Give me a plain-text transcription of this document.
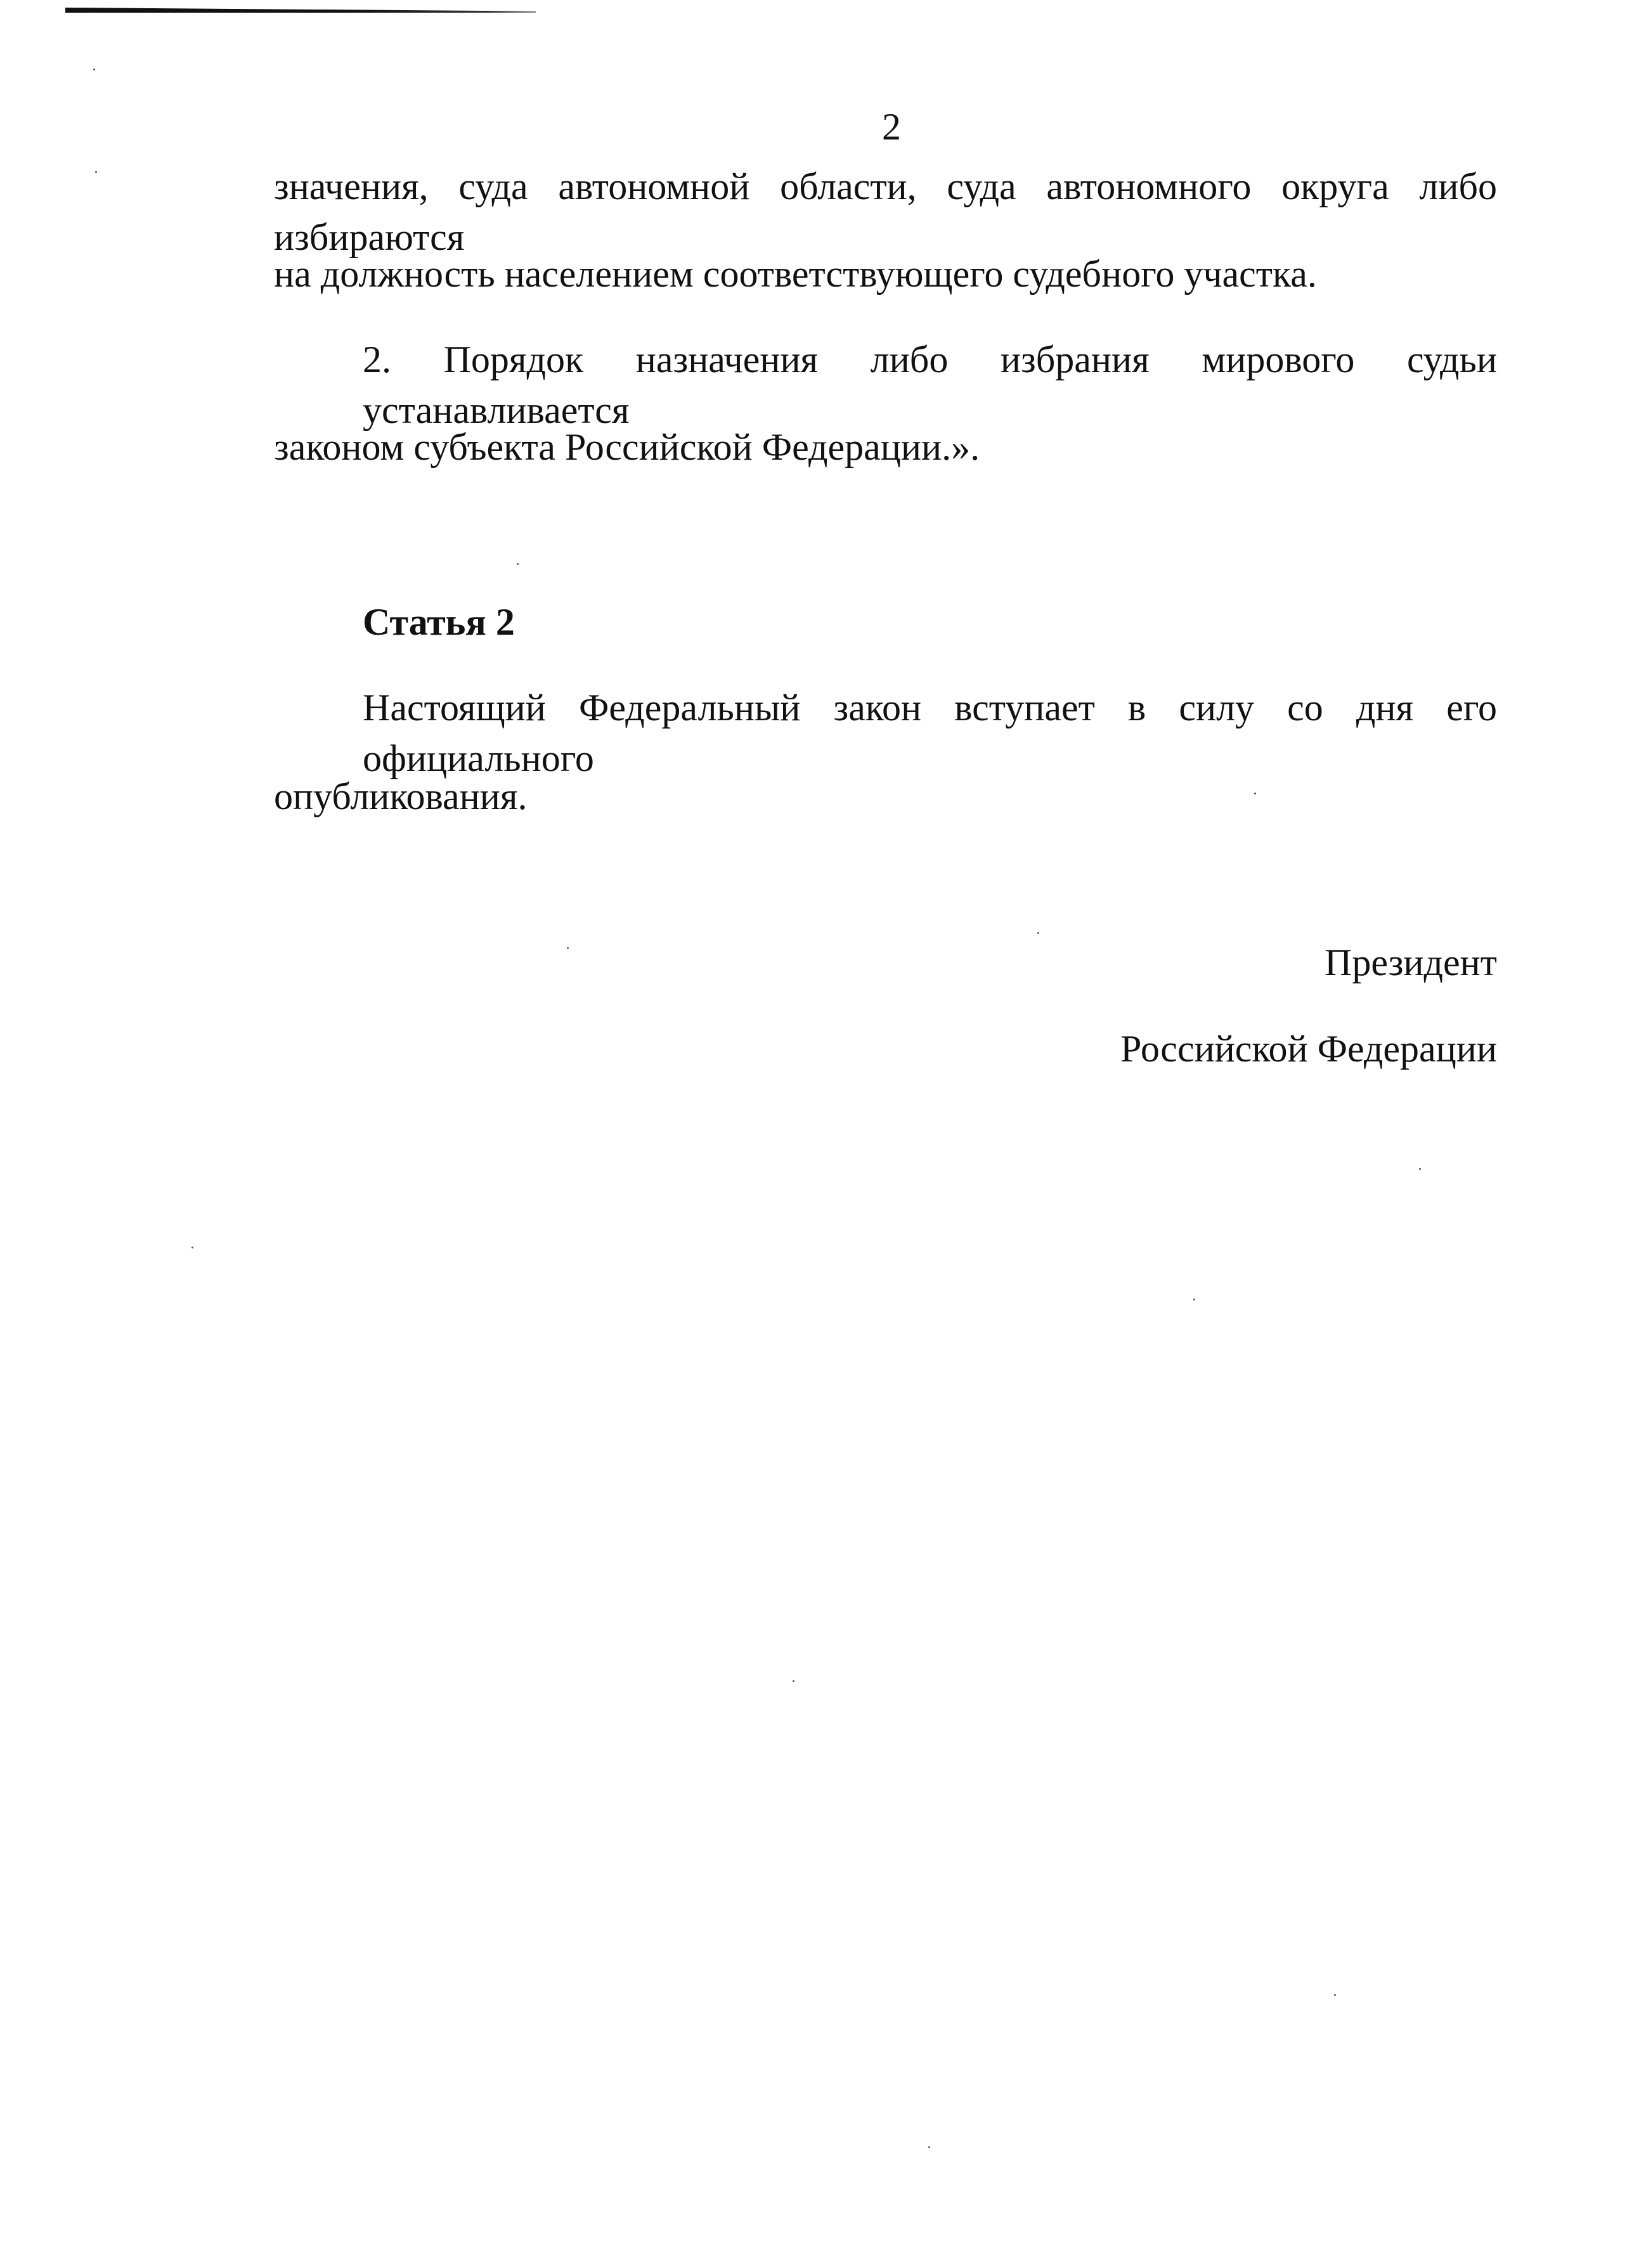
2
значения, суда автономной области, суда автономного округа либо избираются
на должность населением соответствующего судебного участка.
2. Порядок назначения либо избрания мирового судьи устанавливается
законом субъекта Российской Федерации.».
Статья 2
Настоящий Федеральный закон вступает в силу со дня его официального
опубликования.
Президент
Российской Федерации
